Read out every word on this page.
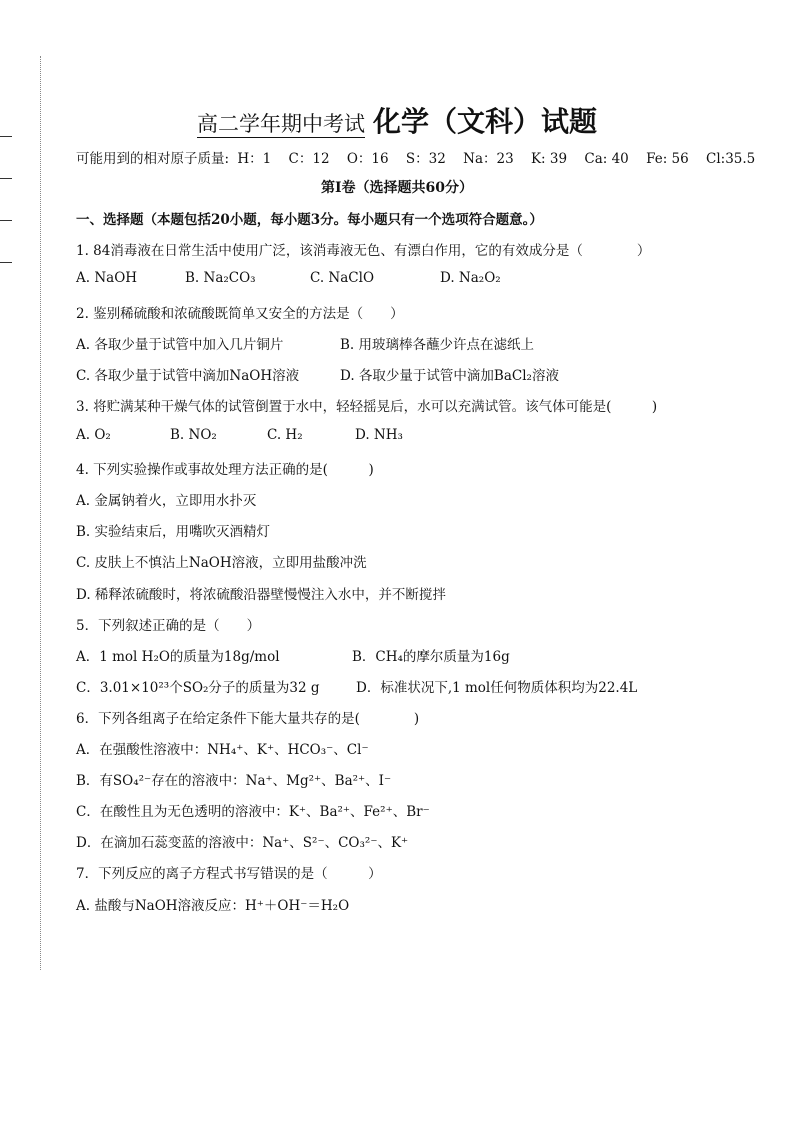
高二学年期中考试 化学（文科）试题
可能用到的相对原子质量: H：1 C：12 O：16 S：32 Na：23 K: 39 Ca: 40 Fe: 56 Cl:35.5
第Ⅰ卷（选择题共60分）
一、选择题（本题包括20小题，每小题3分。每小题只有一个选项符合题意。）
1. 84消毒液在日常生活中使用广泛，该消毒液无色、有漂白作用，它的有效成分是（　　　　）
A. NaOH	B. Na₂CO₃	C. NaClO	D. Na₂O₂
2. 鉴别稀硫酸和浓硫酸既简单又安全的方法是（　　）
A. 各取少量于试管中加入几片铜片	B. 用玻璃棒各蘸少许点在滤纸上
C. 各取少量于试管中滴加NaOH溶液	D. 各取少量于试管中滴加BaCl₂溶液
3. 将贮满某种干燥气体的试管倒置于水中，轻轻摇晃后，水可以充满试管。该气体可能是(　　　)
A. O₂	B. NO₂	C. H₂	D. NH₃
4. 下列实验操作或事故处理方法正确的是(　　　)
A. 金属钠着火，立即用水扑灭
B. 实验结束后，用嘴吹灭酒精灯
C. 皮肤上不慎沾上NaOH溶液，立即用盐酸冲洗
D. 稀释浓硫酸时，将浓硫酸沿器壁慢慢注入水中，并不断搅拌
5．下列叙述正确的是（　　）
A．1 mol H₂O的质量为18g/mol	B．CH₄的摩尔质量为16g
C．3.01×10²³个SO₂分子的质量为32 g	D．标准状况下,1 mol任何物质体积均为22.4L
6．下列各组离子在给定条件下能大量共存的是(　　　　)
A．在强酸性溶液中：NH₄⁺、K⁺、HCO₃⁻、Cl⁻
B．有SO₄²⁻存在的溶液中：Na⁺、Mg²⁺、Ba²⁺、I⁻
C．在酸性且为无色透明的溶液中：K⁺、Ba²⁺、Fe²⁺、Br⁻
D．在滴加石蕊变蓝的溶液中：Na⁺、S²⁻、CO₃²⁻、K⁺
7．下列反应的离子方程式书写错误的是（　　　）
A. 盐酸与NaOH溶液反应：H⁺＋OH⁻＝H₂O
